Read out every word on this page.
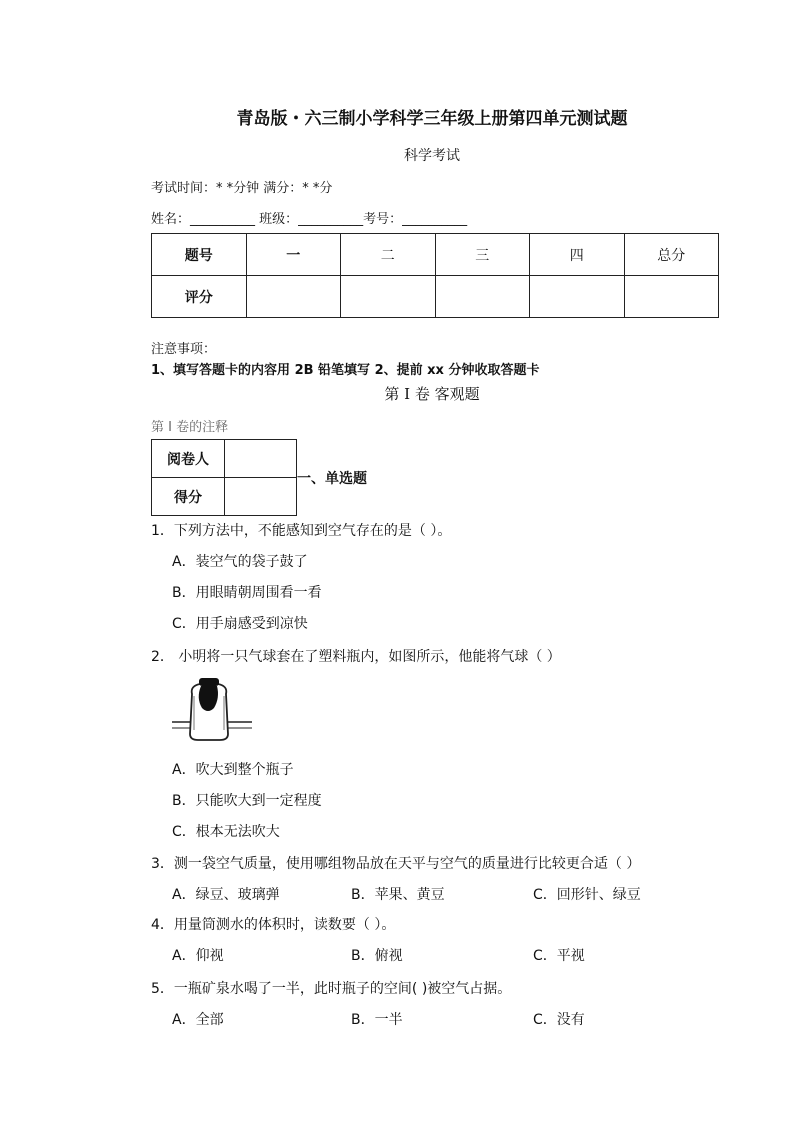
青岛版・六三制小学科学三年级上册第四单元测试题
科学考试
考试时间：* *分钟 满分：* *分
姓名：__________ 班级：__________考号：__________
题号	一	二	三	四	总分
评分					
注意事项：
1、填写答题卡的内容用 2B 铅笔填写 2、提前 xx 分钟收取答题卡
第 I 卷 客观题
第 I 卷的注释
阅卷人	
得分	
一、单选题
1．下列方法中，不能感知到空气存在的是（ ）。
A．装空气的袋子鼓了
B．用眼睛朝周围看一看
C．用手扇感受到凉快
2． 小明将一只气球套在了塑料瓶内，如图所示，他能将气球（ ）
A．吹大到整个瓶子
B．只能吹大到一定程度
C．根本无法吹大
3．测一袋空气质量，使用哪组物品放在天平与空气的质量进行比较更合适（ ）
A．绿豆、玻璃弹	B．苹果、黄豆	C．回形针、绿豆
4．用量筒测水的体积时，读数要（ ）。
A．仰视	B．俯视	C．平视
5．一瓶矿泉水喝了一半，此时瓶子的空间( )被空气占据。
A．全部	B．一半	C．没有
